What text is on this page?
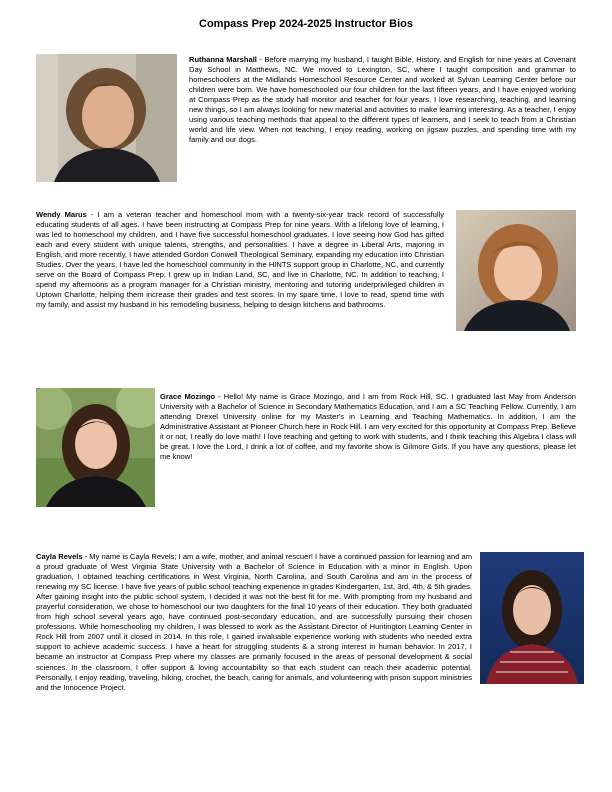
Compass Prep 2024-2025 Instructor Bios

Ruthanna Marshall - Before marrying my husband, I taught Bible, History, and English for nine years at Covenant Day School in Matthews, NC. We moved to Lexington, SC, where I taught composition and grammar to homeschoolers at the Midlands Homeschool Resource Center and worked at Sylvan Learning Center before our children were born. We have homeschooled our four children for the last fifteen years, and I have enjoyed working at Compass Prep as the study hall monitor and teacher for four years. I love researching, teaching, and learning new things, so I am always looking for new material and activities to make learning interesting. As a teacher, I enjoy using various teaching methods that appeal to the different types of learners, and I seek to teach from a Christian world and life view. When not teaching, I enjoy reading, working on jigsaw puzzles, and spending time with my family and our dogs.

Wendy Marus - I am a veteran teacher and homeschool mom with a twenty-six-year track record of successfully educating students of all ages. I have been instructing at Compass Prep for nine years. With a lifelong love of learning, I was led to homeschool my children, and I have five successful homeschool graduates. I love seeing how God has gifted each and every student with unique talents, strengths, and personalities. I have a degree in Liberal Arts, majoring in English, and more recently, I have attended Gordon Conwell Theological Seminary, expanding my education into Christian Studies. Over the years, I have led the homeschool community in the HINTS support group in Charlotte, NC, and currently serve on the Board of Compass Prep. I grew up in Indian Land, SC, and live in Charlotte, NC. In addition to teaching, I spend my afternoons as a program manager for a Christian ministry, mentoring and tutoring underprivileged children in Uptown Charlotte, helping them increase their grades and test scores. In my spare time, I love to read, spend time with my family, and assist my husband in his remodeling business, helping to design kitchens and bathrooms.

Grace Mozingo - Hello! My name is Grace Mozingo, and I am from Rock Hill, SC. I graduated last May from Anderson University with a Bachelor of Science in Secondary Mathematics Education, and I am a SC Teaching Fellow. Currently, I am attending Drexel University online for my Master's in Learning and Teaching Mathematics. In addition, I am the Administrative Assistant at Pioneer Church here in Rock Hill. I am very excited for this opportunity at Compass Prep. Believe it or not, I really do love math! I love teaching and getting to work with students, and I think teaching this Algebra I class will be great. I love the Lord, I drink a lot of coffee, and my favorite show is Gilmore Girls. If you have any questions, please let me know!

Cayla Revels - My name is Cayla Revels; I am a wife, mother, and animal rescuer! I have a continued passion for learning and am a proud graduate of West Virginia State University with a Bachelor of Science in Education with a minor in English. Upon graduation, I obtained teaching certifications in West Virginia, North Carolina, and South Carolina and am in the process of renewing my SC license. I have five years of public school teaching experience in grades Kindergarten, 1st, 3rd, 4th, & 5th grades. After gaining insight into the public school system, I decided it was not the best fit for me. With prompting from my husband and prayerful consideration, we chose to homeschool our two daughters for the final 10 years of their education. They both graduated from high school several years ago, have continued post-secondary education, and are successfully pursuing their chosen professions. While homeschooling my children, I was blessed to work as the Assistant Director of Huntington Learning Center in Rock Hill from 2007 until it closed in 2014. In this role, I gained invaluable experience working with students who needed extra support to achieve academic success. I have a heart for struggling students & a strong interest in human behavior. In 2017, I became an instructor at Compass Prep where my classes are primarily focused in the areas of personal development & social sciences. In the classroom, I offer support & loving accountability so that each student can reach their academic potential. Personally, I enjoy reading, traveling, hiking, crochet, the beach, caring for animals, and volunteering with prison support ministries and the Innocence Project.
